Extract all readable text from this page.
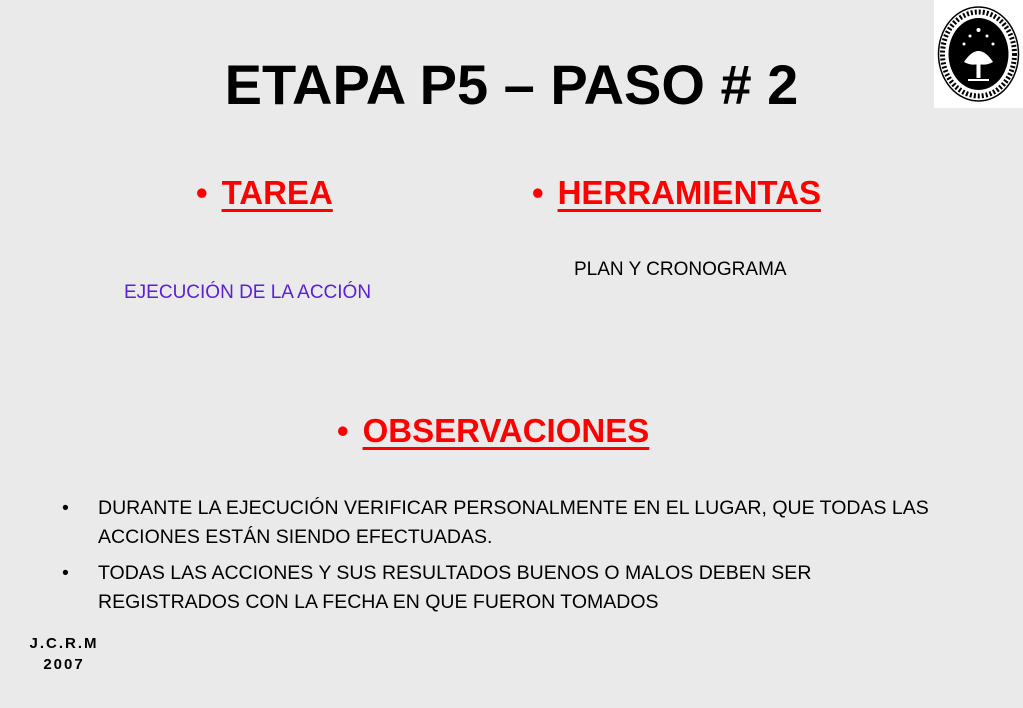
ETAPA P5 – PASO # 2
• TAREA
EJECUCIÓN DE LA ACCIÓN
• HERRAMIENTAS
PLAN Y CRONOGRAMA
• OBSERVACIONES
• DURANTE LA EJECUCIÓN VERIFICAR PERSONALMENTE EN EL LUGAR, QUE TODAS LAS ACCIONES ESTÁN SIENDO EFECTUADAS.
• TODAS LAS ACCIONES Y SUS RESULTADOS BUENOS O MALOS DEBEN SER REGISTRADOS CON LA FECHA EN QUE FUERON TOMADOS
J.C.R.M
2007
